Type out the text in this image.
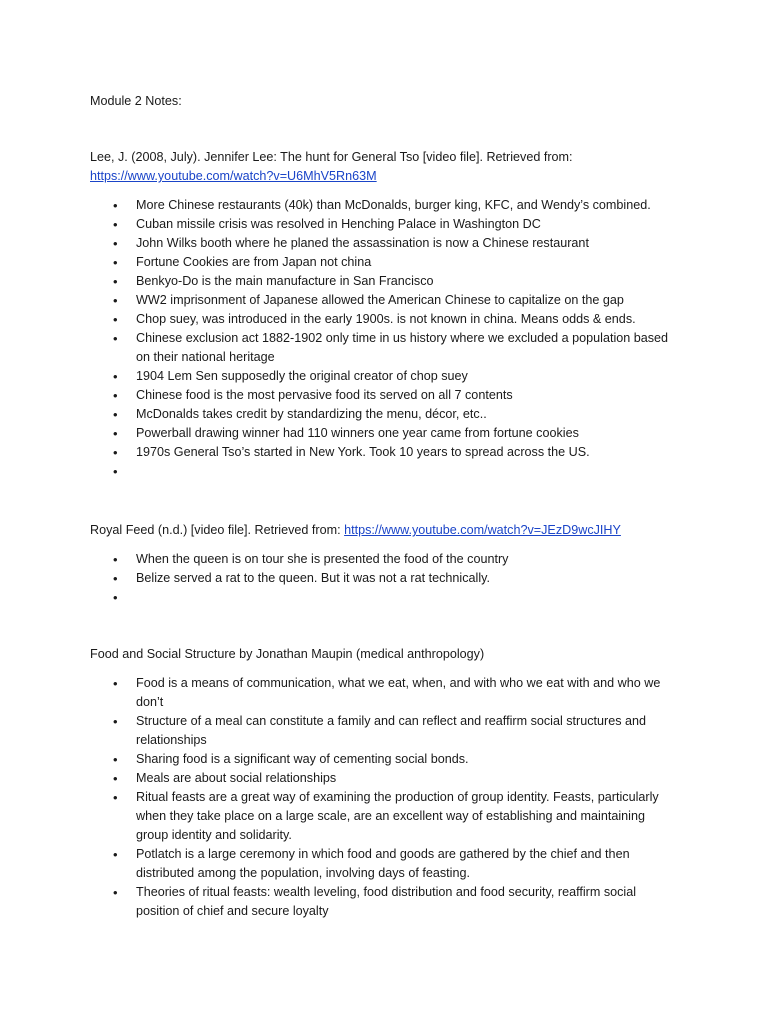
Module 2 Notes:

Lee, J. (2008, July). Jennifer Lee: The hunt for General Tso [video file]. Retrieved from: https://www.youtube.com/watch?v=U6MhV5Rn63M

• More Chinese restaurants (40k) than McDonalds, burger king, KFC, and Wendy’s combined.
• Cuban missile crisis was resolved in Henching Palace in Washington DC
• John Wilks booth where he planed the assassination is now a Chinese restaurant
• Fortune Cookies are from Japan not china
• Benkyo-Do is the main manufacture in San Francisco
• WW2 imprisonment of Japanese allowed the American Chinese to capitalize on the gap
• Chop suey, was introduced in the early 1900s. is not known in china. Means odds & ends.
• Chinese exclusion act 1882-1902 only time in us history where we excluded a population based on their national heritage
• 1904 Lem Sen supposedly the original creator of chop suey
• Chinese food is the most pervasive food its served on all 7 contents
• McDonalds takes credit by standardizing the menu, décor, etc..
• Powerball drawing winner had 110 winners one year came from fortune cookies
• 1970s General Tso’s started in New York. Took 10 years to spread across the US.
•

Royal Feed (n.d.) [video file]. Retrieved from: https://www.youtube.com/watch?v=JEzD9wcJIHY

• When the queen is on tour she is presented the food of the country
• Belize served a rat to the queen. But it was not a rat technically.
•

Food and Social Structure by Jonathan Maupin (medical anthropology)

• Food is a means of communication, what we eat, when, and with who we eat with and who we don’t
• Structure of a meal can constitute a family and can reflect and reaffirm social structures and relationships
• Sharing food is a significant way of cementing social bonds.
• Meals are about social relationships
• Ritual feasts are a great way of examining the production of group identity. Feasts, particularly when they take place on a large scale, are an excellent way of establishing and maintaining group identity and solidarity.
• Potlatch is a large ceremony in which food and goods are gathered by the chief and then distributed among the population, involving days of feasting.
• Theories of ritual feasts: wealth leveling, food distribution and food security, reaffirm social position of chief and secure loyalty
